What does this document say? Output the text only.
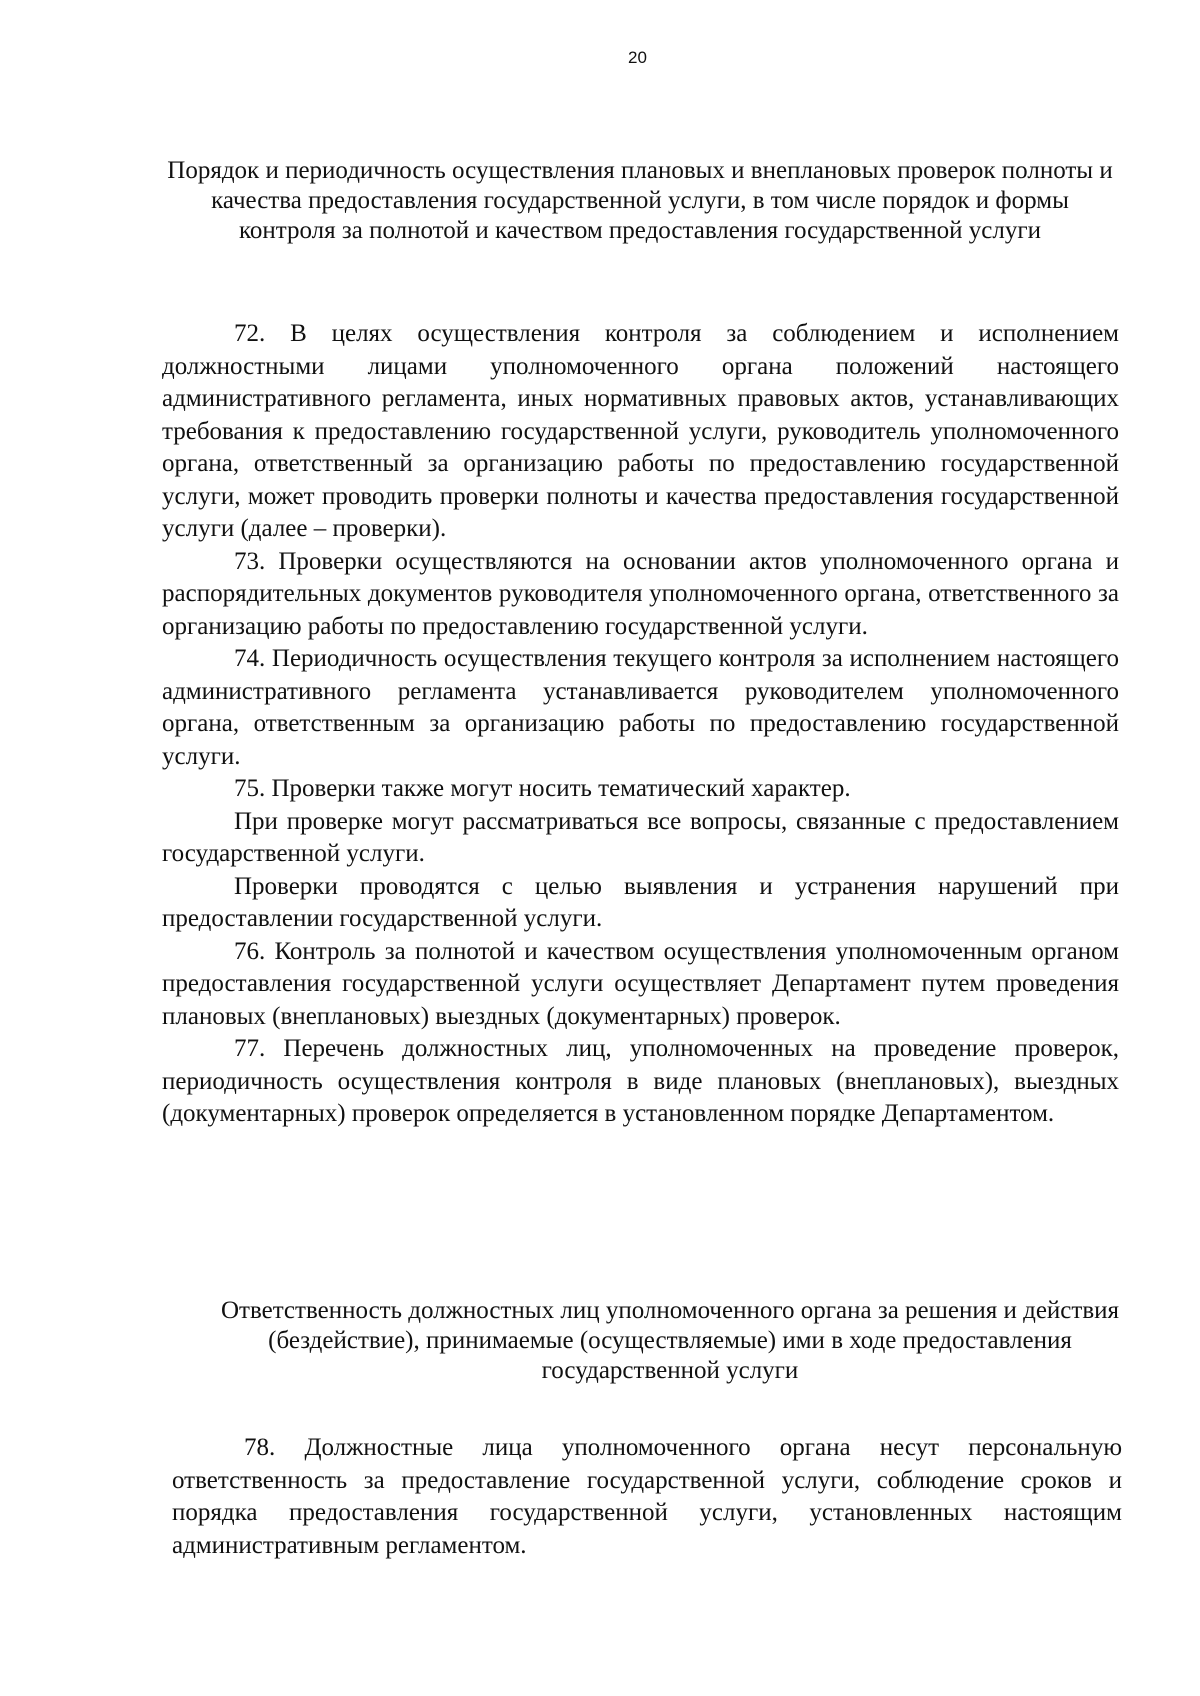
20
Порядок и периодичность осуществления плановых и внеплановых проверок полноты и качества предоставления государственной услуги, в том числе порядок и формы контроля за полнотой и качеством предоставления государственной услуги

72. В целях осуществления контроля за соблюдением и исполнением должностными лицами уполномоченного органа положений настоящего административного регламента, иных нормативных правовых актов, устанавливающих требования к предоставлению государственной услуги, руководитель уполномоченного органа, ответственный за организацию работы по предоставлению государственной услуги, может проводить проверки полноты и качества предоставления государственной услуги (далее – проверки).

73. Проверки осуществляются на основании актов уполномоченного органа и распорядительных документов руководителя уполномоченного органа, ответственного за организацию работы по предоставлению государственной услуги.

74. Периодичность осуществления текущего контроля за исполнением настоящего административного регламента устанавливается руководителем уполномоченного органа, ответственным за организацию работы по предоставлению государственной услуги.

75. Проверки также могут носить тематический характер.

При проверке могут рассматриваться все вопросы, связанные с предоставлением государственной услуги.

Проверки проводятся с целью выявления и устранения нарушений при предоставлении государственной услуги.

76. Контроль за полнотой и качеством осуществления уполномоченным органом предоставления государственной услуги осуществляет Департамент путем проведения плановых (внеплановых) выездных (документарных) проверок.

77. Перечень должностных лиц, уполномоченных на проведение проверок, периодичность осуществления контроля в виде плановых (внеплановых), выездных (документарных) проверок определяется в установленном порядке Департаментом.

Ответственность должностных лиц уполномоченного органа за решения и действия (бездействие), принимаемые (осуществляемые) ими в ходе предоставления государственной услуги

78. Должностные лица уполномоченного органа несут персональную ответственность за предоставление государственной услуги, соблюдение сроков и порядка предоставления государственной услуги, установленных настоящим административным регламентом.
